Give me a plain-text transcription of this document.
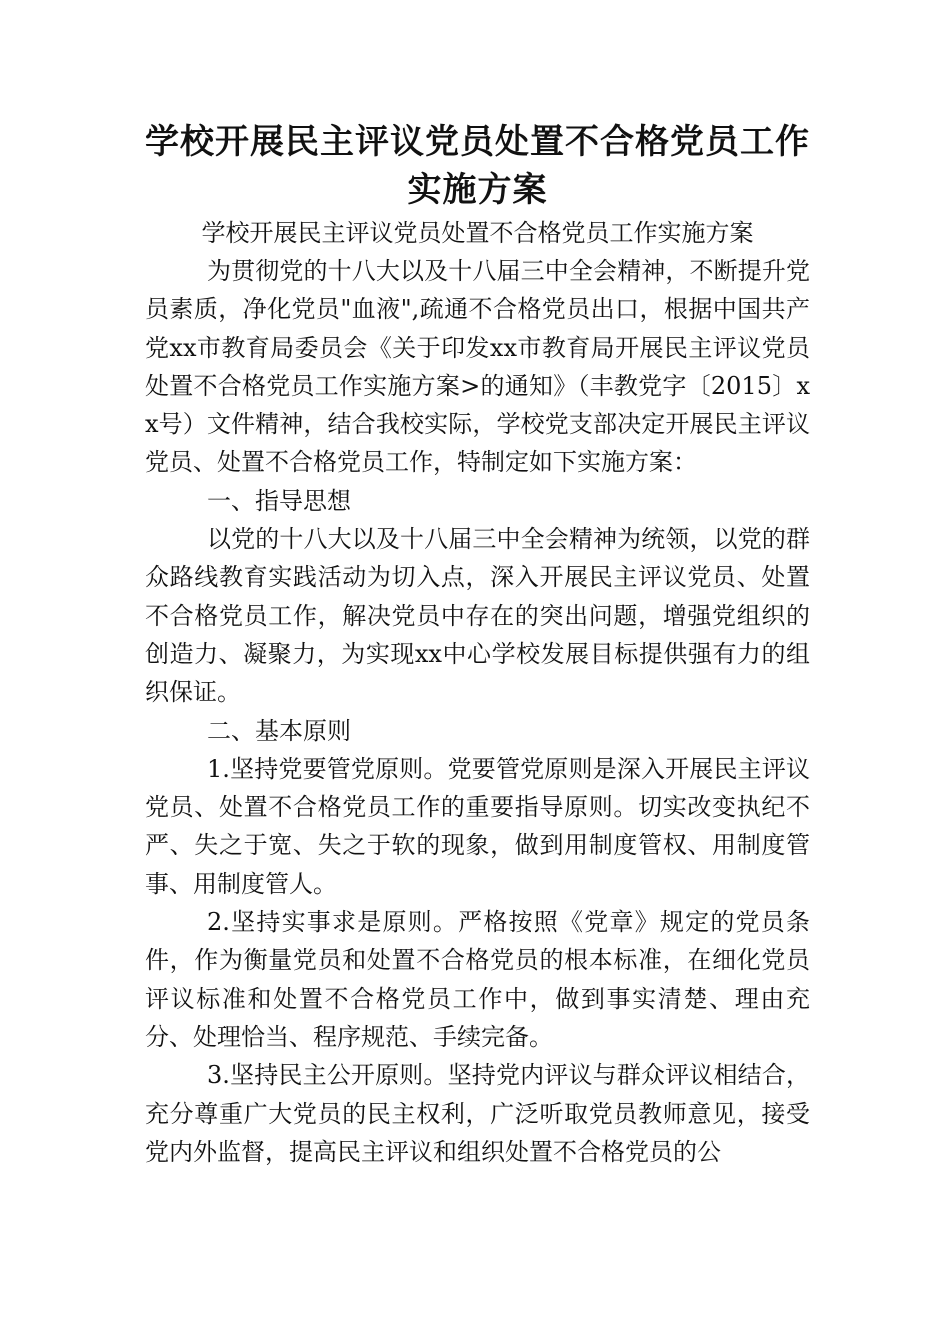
学校开展民主评议党员处置不合格党员工作
实施方案
学校开展民主评议党员处置不合格党员工作实施方案

为贯彻党的十八大以及十八届三中全会精神，不断提升党员素质，净化党员"血液",疏通不合格党员出口，根据中国共产党xx市教育局委员会《关于印发xx市教育局开展民主评议党员处置不合格党员工作实施方案>的通知》（丰教党字〔2015〕xx号）文件精神，结合我校实际，学校党支部决定开展民主评议党员、处置不合格党员工作，特制定如下实施方案：

一、指导思想

以党的十八大以及十八届三中全会精神为统领，以党的群众路线教育实践活动为切入点，深入开展民主评议党员、处置不合格党员工作，解决党员中存在的突出问题，增强党组织的创造力、凝聚力，为实现xx中心学校发展目标提供强有力的组织保证。

二、基本原则

1.坚持党要管党原则。党要管党原则是深入开展民主评议党员、处置不合格党员工作的重要指导原则。切实改变执纪不严、失之于宽、失之于软的现象，做到用制度管权、用制度管事、用制度管人。

2.坚持实事求是原则。严格按照《党章》规定的党员条件，作为衡量党员和处置不合格党员的根本标准，在细化党员评议标准和处置不合格党员工作中，做到事实清楚、理由充分、处理恰当、程序规范、手续完备。

3.坚持民主公开原则。坚持党内评议与群众评议相结合，充分尊重广大党员的民主权利，广泛听取党员教师意见，接受党内外监督，提高民主评议和组织处置不合格党员的公
